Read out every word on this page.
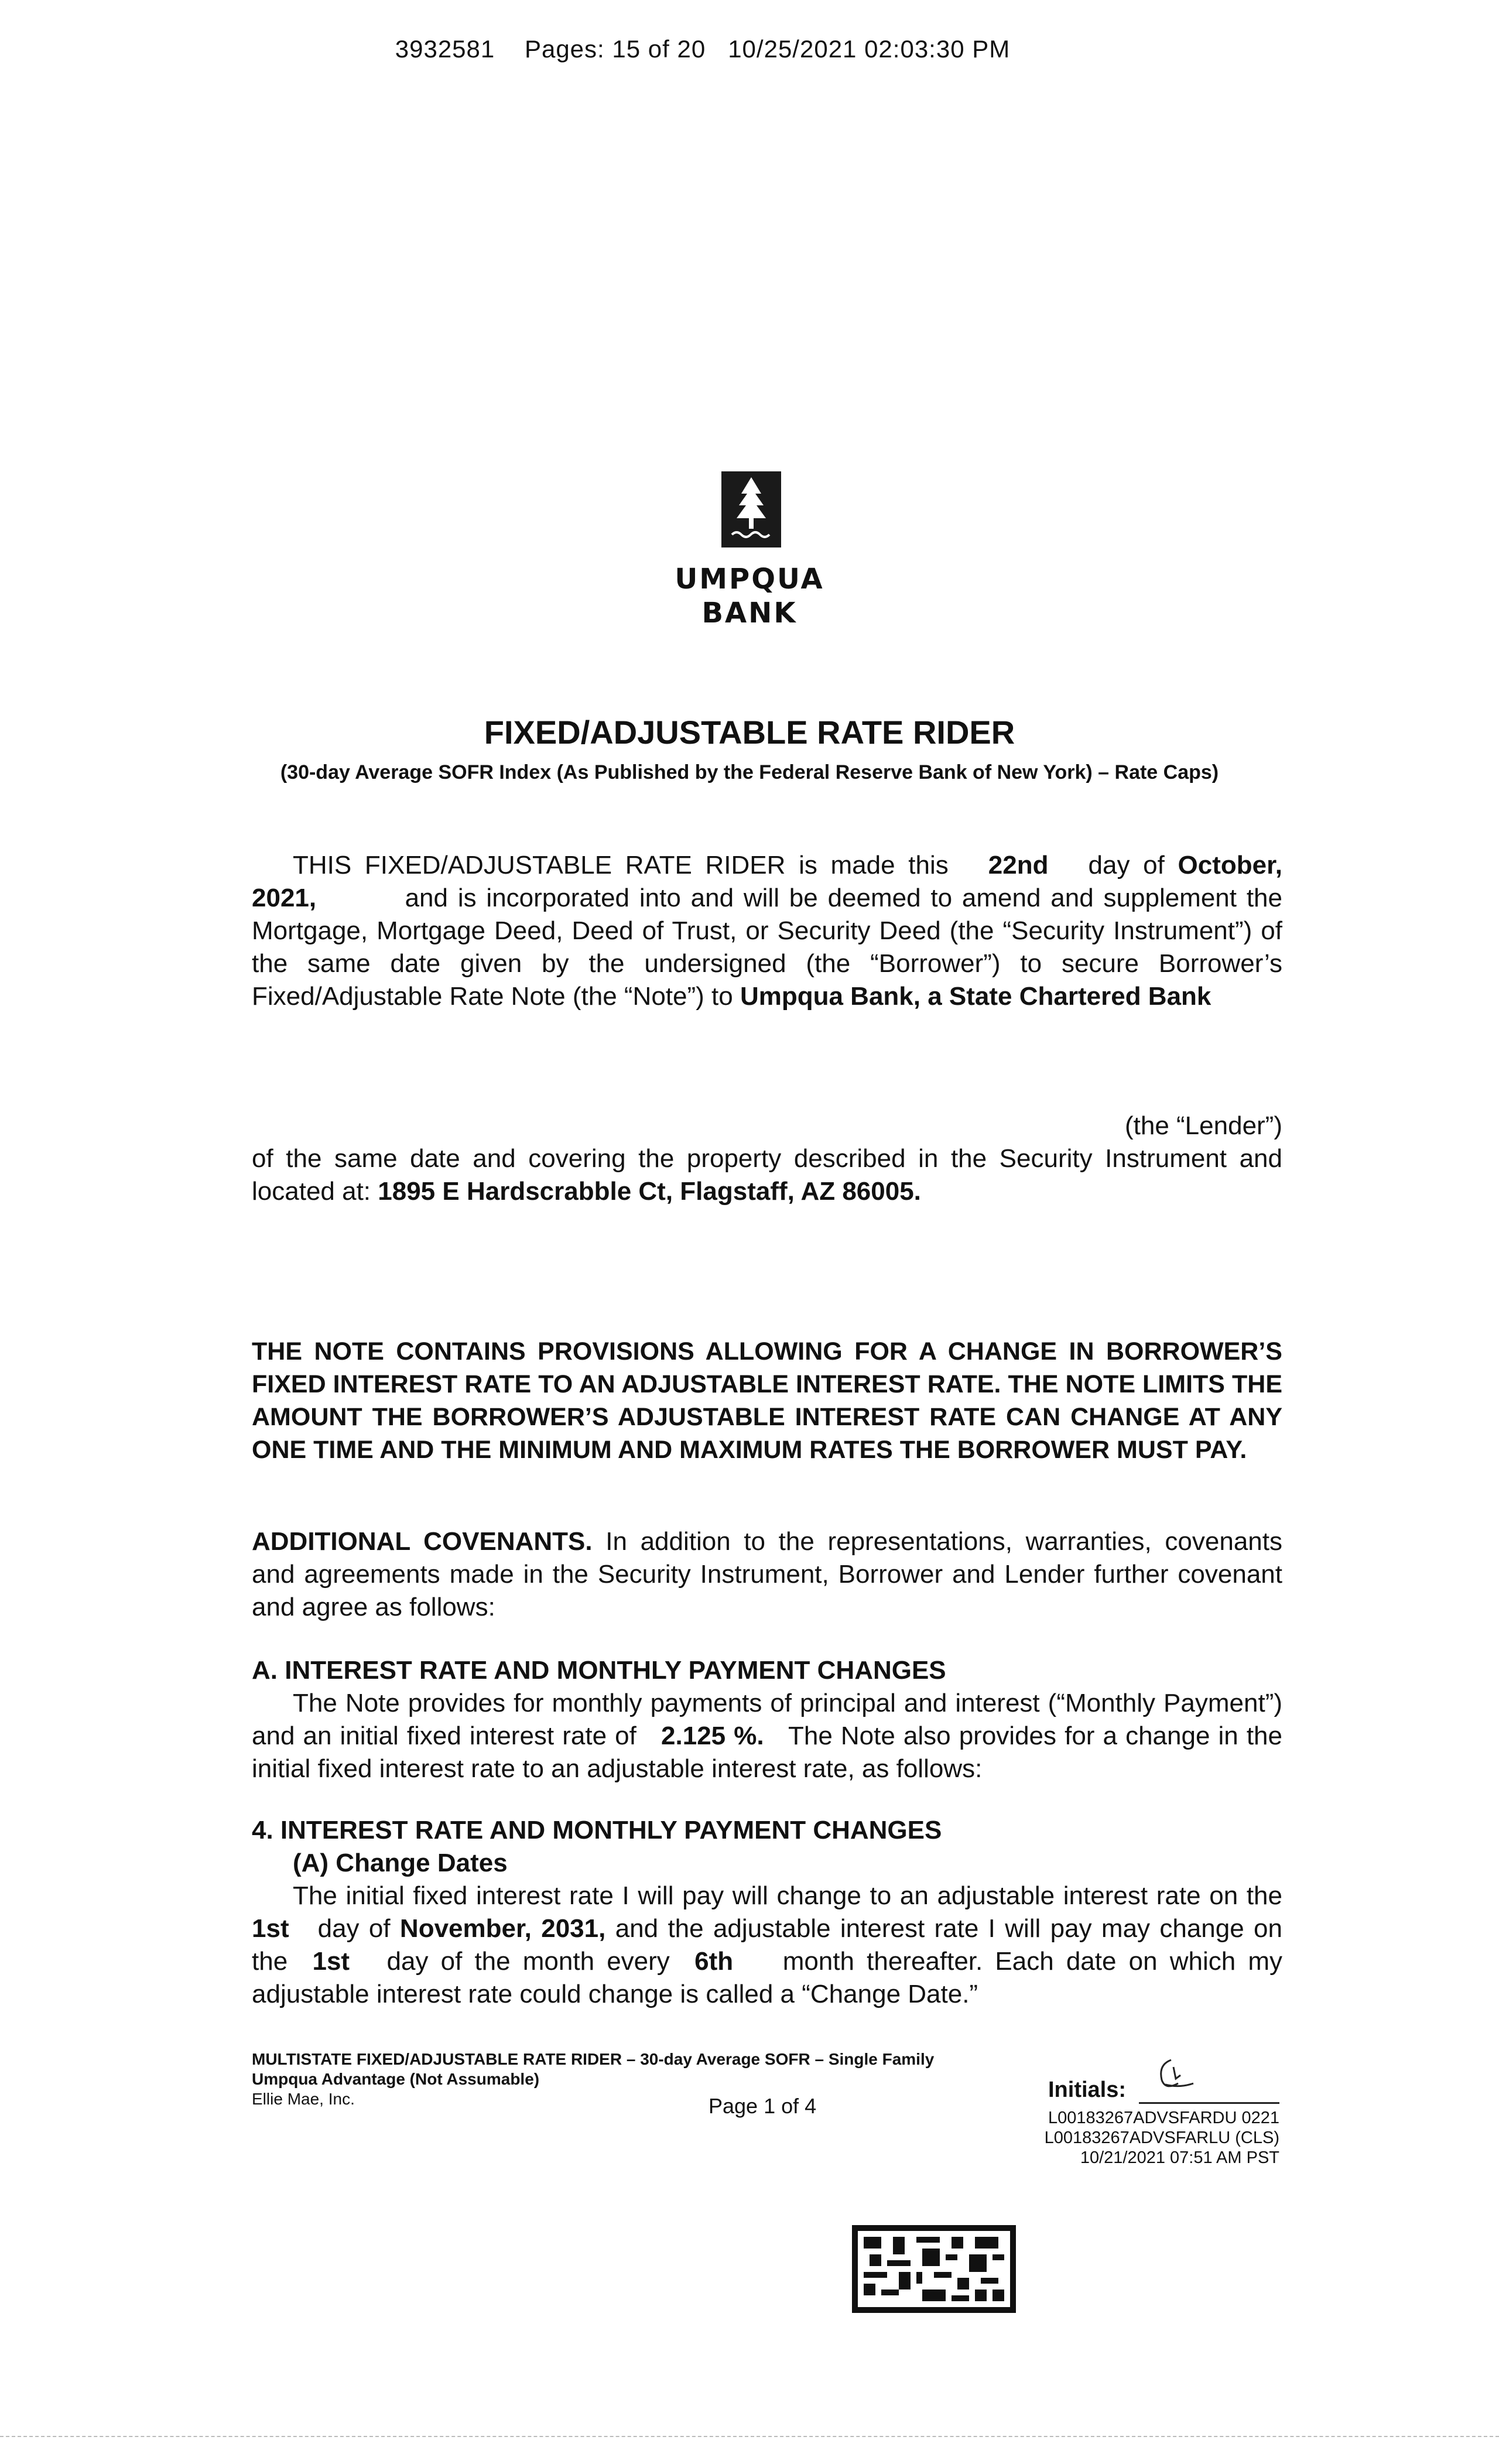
3932581 Pages: 15 of 20 10/25/2021 02:03:30 PM
UMPQUA
BANK
FIXED/ADJUSTABLE RATE RIDER
(30-day Average SOFR Index (As Published by the Federal Reserve Bank of New York) – Rate Caps)

THIS FIXED/ADJUSTABLE RATE RIDER is made this 22nd day of October, 2021,	and is incorporated into and will be deemed to amend and supplement the Mortgage, Mortgage Deed, Deed of Trust, or Security Deed (the “Security Instrument”) of the same date given by the undersigned (the “Borrower”) to secure Borrower’s Fixed/Adjustable Rate Note (the “Note”) to Umpqua Bank, a State Chartered Bank

(the “Lender”)
of the same date and covering the property described in the Security Instrument and located at: 1895 E Hardscrabble Ct, Flagstaff, AZ 86005.
THE NOTE CONTAINS PROVISIONS ALLOWING FOR A CHANGE IN BORROWER’S FIXED INTEREST RATE TO AN ADJUSTABLE INTEREST RATE. THE NOTE LIMITS THE AMOUNT THE BORROWER’S ADJUSTABLE INTEREST RATE CAN CHANGE AT ANY ONE TIME AND THE MINIMUM AND MAXIMUM RATES THE BORROWER MUST PAY.
ADDITIONAL COVENANTS. In addition to the representations, warranties, covenants and agreements made in the Security Instrument, Borrower and Lender further covenant and agree as follows:
A. INTEREST RATE AND MONTHLY PAYMENT CHANGES

The Note provides for monthly payments of principal and interest (“Monthly Payment”) and an initial fixed interest rate of 2.125 %. The Note also provides for a change in the initial fixed interest rate to an adjustable interest rate, as follows:

4. INTEREST RATE AND MONTHLY PAYMENT CHANGES
(A) Change Dates

The initial fixed interest rate I will pay will change to an adjustable interest rate on the 1st day of November, 2031, and the adjustable interest rate I will pay may change on the 1st day of the month every 6th month thereafter. Each date on which my adjustable interest rate could change is called a “Change Date.”

MULTISTATE FIXED/ADJUSTABLE RATE RIDER – 30-day Average SOFR – Single Family
Umpqua Advantage (Not Assumable)
Ellie Mae, Inc.	Page 1 of 4
Initials:
L00183267ADVSFARDU 0221
L00183267ADVSFARLU (CLS)
10/21/2021 07:51 AM PST
